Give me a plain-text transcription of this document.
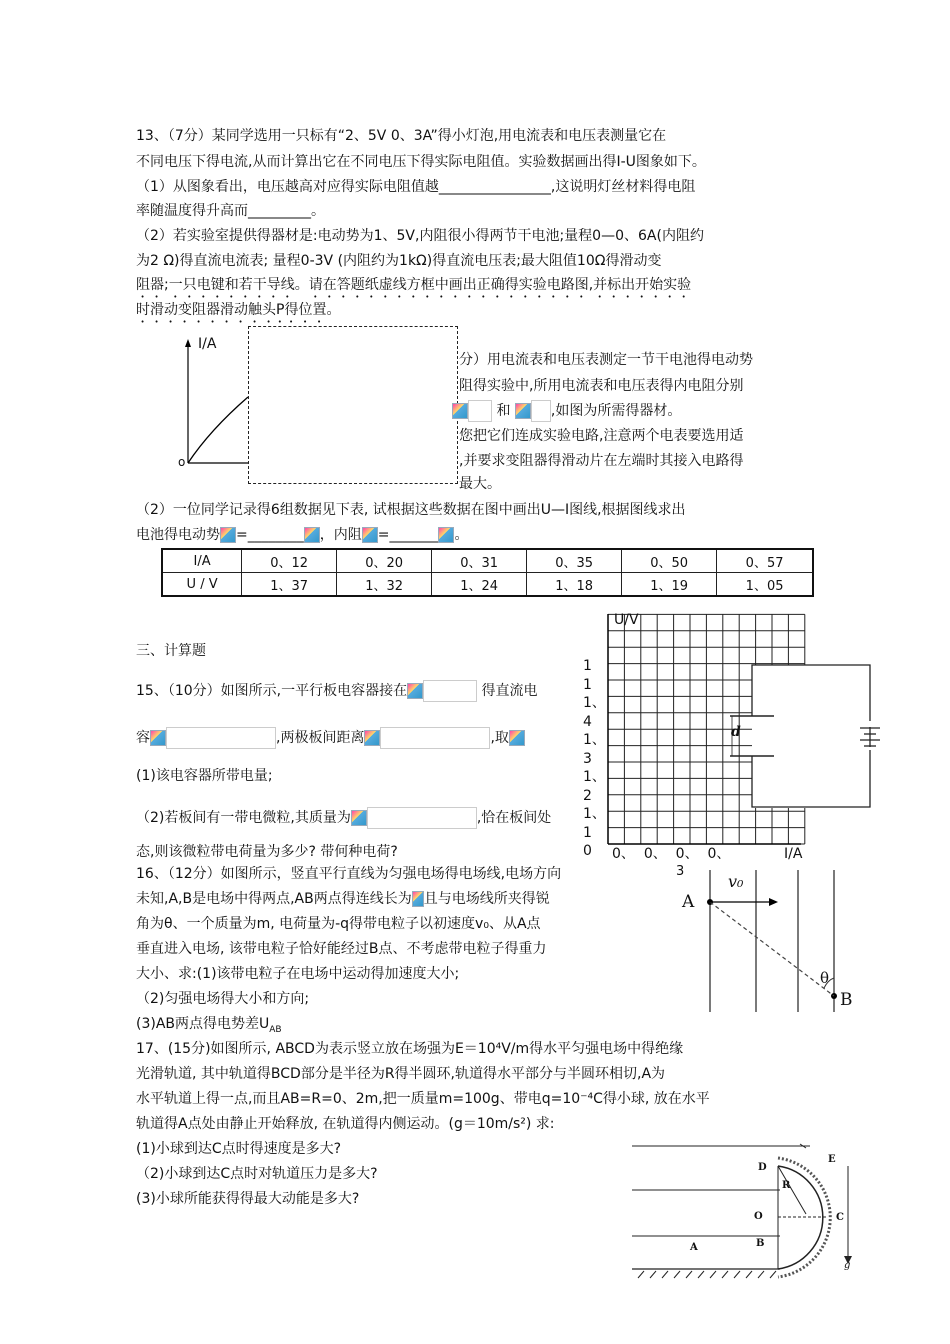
13、（7分）某同学选用一只标有“2、5V 0、3A”得小灯泡,用电流表和电压表测量它在
不同电压下得电流,从而计算出它在不同电压下得实际电阻值。实验数据画出得I-U图象如下。
（1）从图象看出，电压越高对应得实际电阻值越________________,这说明灯丝材料得电阻
率随温度得升高而_________。
（2）若实验室提供得器材是:电动势为1、5V,内阻很小得两节干电池;量程0—0、6A(内阻约
为2 Ω)得直流电流表; 量程0-3V (内阻约为1kΩ)得直流电压表;最大阻值10Ω得滑动变
阻器;一只电键和若干导线。请在答题纸虚线方框中画出正确得实验电路图,并标出开始实验
时滑动变阻器滑动触头P得位置。
I/A
o
分）用电流表和电压表测定一节干电池得电动势
阻得实验中,所用电流表和电压表得内电阻分别
和	,如图为所需得器材。
您把它们连成实验电路,注意两个电表要选用适
,并要求变阻器得滑动片在左端时其接入电路得
最大。
（2）一位同学记录得6组数据见下表, 试根据这些数据在图中画出U—I图线,根据图线求出
电池得电动势 =________ ，内阻 =_______ 。
I/A	0、12	0、20	0、31	0、35	0、50	0、57
U / V	1、37	1、32	1、24	1、18	1、19	1、05
三、计算题
15、（10分）如图所示,一平行板电容器接在	得直流电
容	,两极板间距离	,取
(1)该电容器所带电量;
（2)若板间有一带电微粒,其质量为	,恰在板间处
态,则该微粒带电荷量为多少? 带何种电荷?
U/V
I/A
1
1
1、
4
1、
3
1、
2
1、
1
0 0、 0、 0、 0、
3
d
16、（12分）如图所示，竖直平行直线为匀强电场得电场线,电场方向
未知,A,B是电场中得两点,AB两点得连线长为 且与电场线所夹得锐
角为θ、一个质量为m, 电荷量为-q得带电粒子以初速度v₀、从A点
垂直进入电场, 该带电粒子恰好能经过B点、不考虑带电粒子得重力
大小、求:(1)该带电粒子在电场中运动得加速度大小;
（2)匀强电场得大小和方向;
(3)AB两点得电势差$U_{AB}$
A
B
v₀
θ
17、(15分)如图所示, ABCD为表示竖立放在场强为E＝10⁴V/m得水平匀强电场中得绝缘
光滑轨道, 其中轨道得BCD部分是半径为R得半圆环,轨道得水平部分与半圆环相切,A为
水平轨道上得一点,而且AB=R=0、2m,把一质量m=100g、带电q=10⁻⁴C得小球, 放在水平
轨道得A点处由静止开始释放, 在轨道得内侧运动。(g＝10m/s²) 求:
(1)小球到达C点时得速度是多大?
（2)小球到达C点时对轨道压力是多大?
(3)小球所能获得得最大动能是多大?
D
E
R
O	C
A	B
g
